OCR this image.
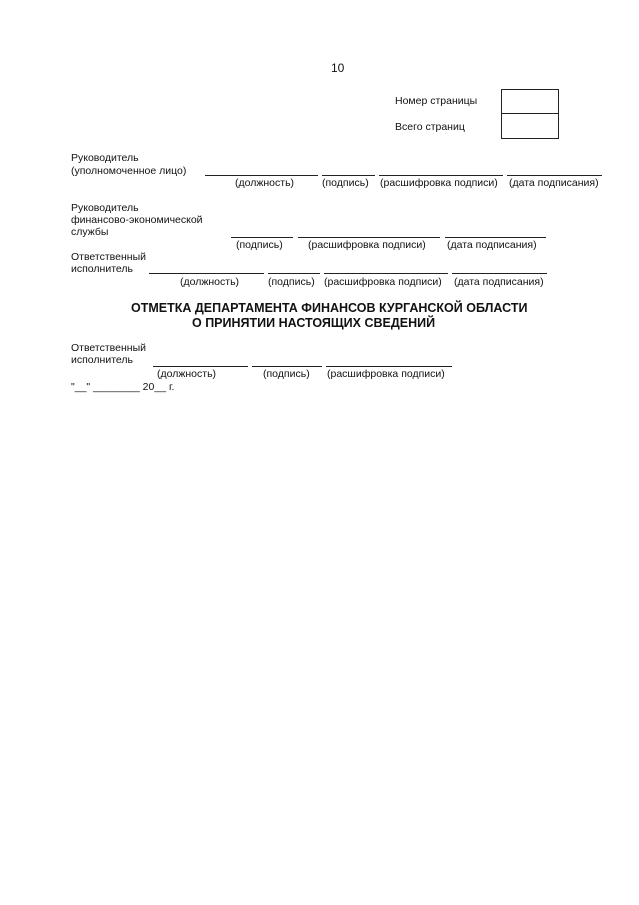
10
Номер страницы
Всего страниц
Руководитель
(уполномоченное лицо)
(должность)	(подпись) (расшифровка подписи) (дата подписания)
Руководитель
финансово-экономической
службы
(подпись) (расшифровка подписи) (дата подписания)
Ответственный
исполнитель
(должность)	(подпись) (расшифровка подписи) (дата подписания)
ОТМЕТКА ДЕПАРТАМЕНТА ФИНАНСОВ КУРГАНСКОЙ ОБЛАСТИ
О ПРИНЯТИИ НАСТОЯЩИХ СВЕДЕНИЙ
Ответственный
исполнитель
(должность)	(подпись) (расшифровка подписи)
"__" ________ 20__ г.
